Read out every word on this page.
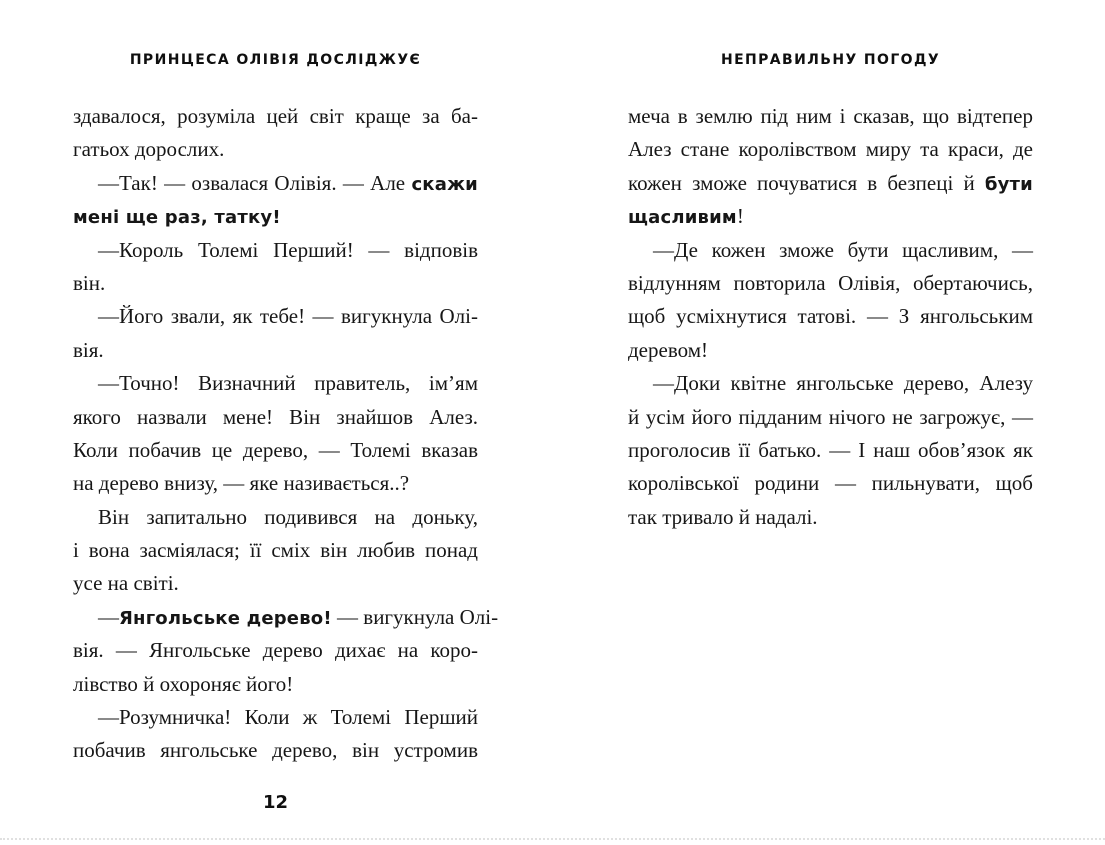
ПРИНЦЕСА ОЛІВІЯ ДОСЛІДЖУЄ	НЕПРАВИЛЬНУ ПОГОДУ
здавалося, розуміла цей світ краще за ба-
гатьох дорослих.
—Так! — озвалася Олівія. — Але скажи
мені ще раз, татку!
—Король Толемі Перший! — відповів
він.
—Його звали, як тебе! — вигукнула Олі-
вія.
—Точно! Визначний правитель, ім’ям
якого назвали мене! Він знайшов Алез.
Коли побачив це дерево, — Толемі вказав
на дерево внизу, — яке називається..?
Він запитально подивився на доньку,
і вона засміялася; її сміх він любив понад
усе на світі.
—Янгольське дерево! — вигукнула Олі-
вія. — Янгольське дерево дихає на коро-
лівство й охороняє його!
—Розумничка! Коли ж Толемі Перший
побачив янгольське дерево, він устромив
меча в землю під ним і сказав, що відтепер
Алез стане королівством миру та краси, де
кожен зможе почуватися в безпеці й бути
щасливим!
—Де кожен зможе бути щасливим, —
відлунням повторила Олівія, обертаючись,
щоб усміхнутися татові. — З янгольським
деревом!
—Доки квітне янгольське дерево, Алезу
й усім його підданим нічого не загрожує, —
проголосив її батько. — І наш обов’язок як
королівської родини — пильнувати, щоб
так тривало й надалі.
12
